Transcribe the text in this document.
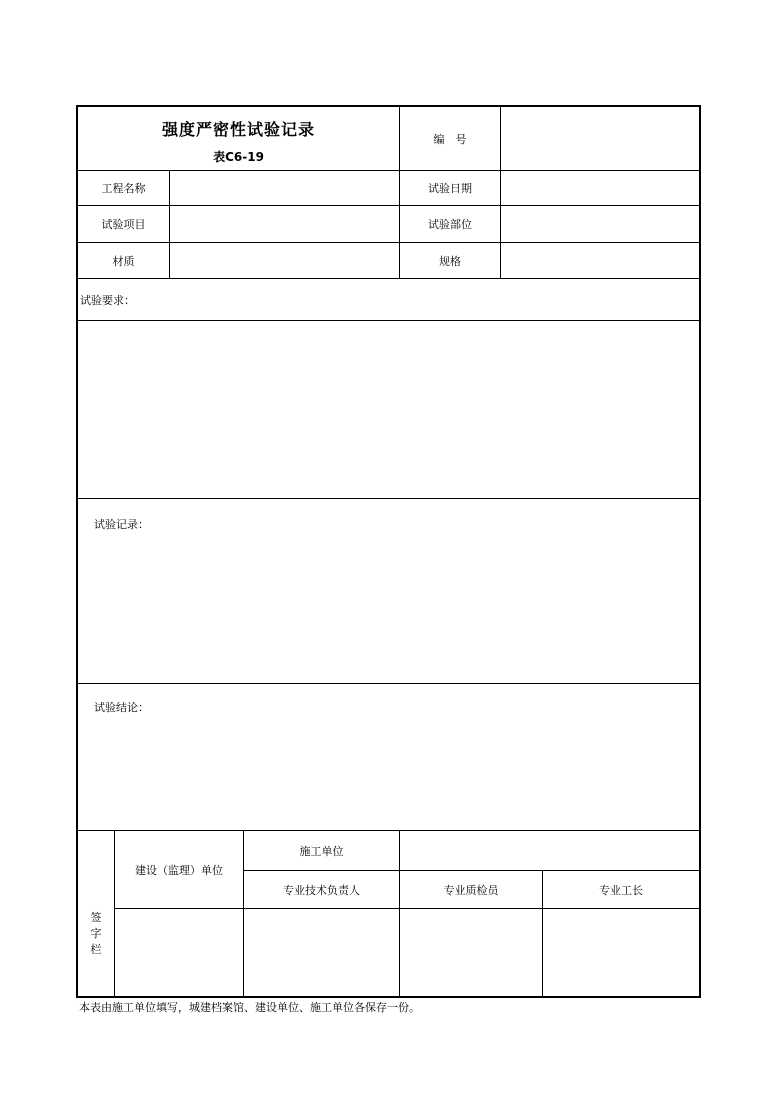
强度严密性试验记录
表C6-19
编　号
工程名称	试验日期
试验项目	试验部位
材质	规格
试验要求：
试验记录：
试验结论：
签
字
栏
建设（监理）单位
施工单位
专业技术负责人	专业质检员	专业工长
本表由施工单位填写，城建档案馆、建设单位、施工单位各保存一份。
